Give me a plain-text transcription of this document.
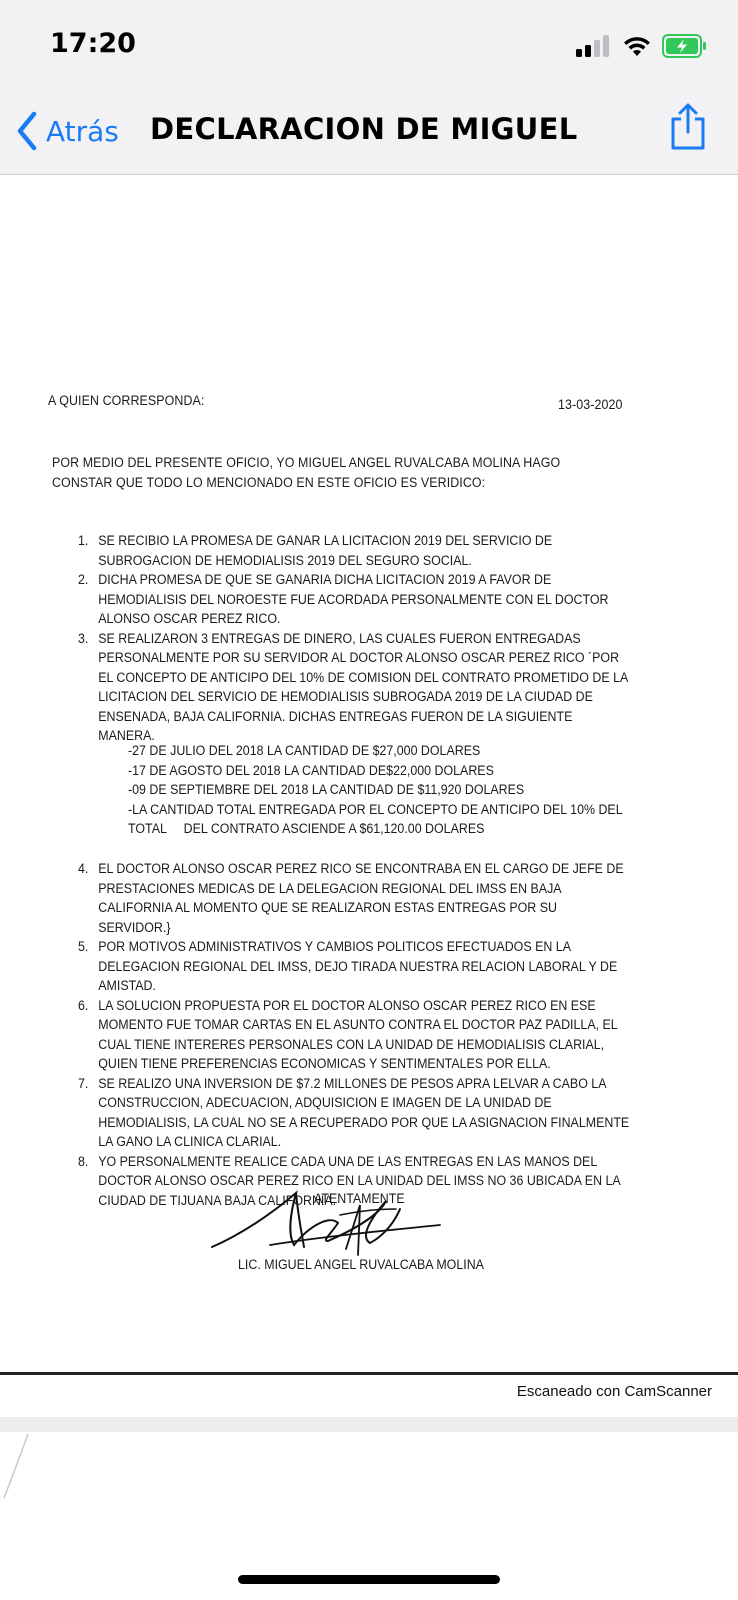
17:20
Atrás DECLARACION DE MIGUEL
A QUIEN CORRESPONDA:	13-03-2020
POR MEDIO DEL PRESENTE OFICIO, YO MIGUEL ANGEL RUVALCABA MOLINA HAGO CONSTAR QUE TODO LO MENCIONADO EN ESTE OFICIO ES VERIDICO:
1. SE RECIBIO LA PROMESA DE GANAR LA LICITACION 2019 DEL SERVICIO DE SUBROGACION DE HEMODIALISIS 2019 DEL SEGURO SOCIAL.
2. DICHA PROMESA DE QUE SE GANARIA DICHA LICITACION 2019 A FAVOR DE HEMODIALISIS DEL NOROESTE FUE ACORDADA PERSONALMENTE CON EL DOCTOR ALONSO OSCAR PEREZ RICO.
3. SE REALIZARON 3 ENTREGAS DE DINERO, LAS CUALES FUERON ENTREGADAS PERSONALMENTE POR SU SERVIDOR AL DOCTOR ALONSO OSCAR PEREZ RICO ´POR EL CONCEPTO DE ANTICIPO DEL 10% DE COMISION DEL CONTRATO PROMETIDO DE LA LICITACION DEL SERVICIO DE HEMODIALISIS SUBROGADA 2019 DE LA CIUDAD DE ENSENADA, BAJA CALIFORNIA. DICHAS ENTREGAS FUERON DE LA SIGUIENTE MANERA.
-27 DE JULIO DEL 2018 LA CANTIDAD DE $27,000 DOLARES
-17 DE AGOSTO DEL 2018 LA CANTIDAD DE$22,000 DOLARES
-09 DE SEPTIEMBRE DEL 2018 LA CANTIDAD DE $11,920 DOLARES
-LA CANTIDAD TOTAL ENTREGADA POR EL CONCEPTO DE ANTICIPO DEL 10% DEL
TOTAL     DEL CONTRATO ASCIENDE A $61,120.00 DOLARES
4. EL DOCTOR ALONSO OSCAR PEREZ RICO SE ENCONTRABA EN EL CARGO DE JEFE DE PRESTACIONES MEDICAS DE LA DELEGACION REGIONAL DEL IMSS EN BAJA CALIFORNIA AL MOMENTO QUE SE REALIZARON ESTAS ENTREGAS POR SU SERVIDOR.}
5. POR MOTIVOS ADMINISTRATIVOS Y CAMBIOS POLITICOS EFECTUADOS EN LA DELEGACION REGIONAL DEL IMSS, DEJO TIRADA NUESTRA RELACION LABORAL Y DE AMISTAD.
6. LA SOLUCION PROPUESTA POR EL DOCTOR ALONSO OSCAR PEREZ RICO EN ESE MOMENTO FUE TOMAR CARTAS EN EL ASUNTO CONTRA EL DOCTOR PAZ PADILLA, EL CUAL TIENE INTERERES PERSONALES CON LA UNIDAD DE HEMODIALISIS CLARIAL, QUIEN TIENE PREFERENCIAS ECONOMICAS Y SENTIMENTALES POR ELLA.
7. SE REALIZO UNA INVERSION DE $7.2 MILLONES DE PESOS APRA LELVAR A CABO LA CONSTRUCCION, ADECUACION, ADQUISICION E IMAGEN DE LA UNIDAD DE HEMODIALISIS, LA CUAL NO SE A RECUPERADO POR QUE LA ASIGNACION FINALMENTE LA GANO LA CLINICA CLARIAL.
8. YO PERSONALMENTE REALICE CADA UNA DE LAS ENTREGAS EN LAS MANOS DEL DOCTOR ALONSO OSCAR PEREZ RICO EN LA UNIDAD DEL IMSS NO 36 UBICADA EN LA CIUDAD DE TIJUANA BAJA CALIFORNIA.
ATENTAMENTE
LIC. MIGUEL ANGEL RUVALCABA MOLINA
Escaneado con CamScanner
